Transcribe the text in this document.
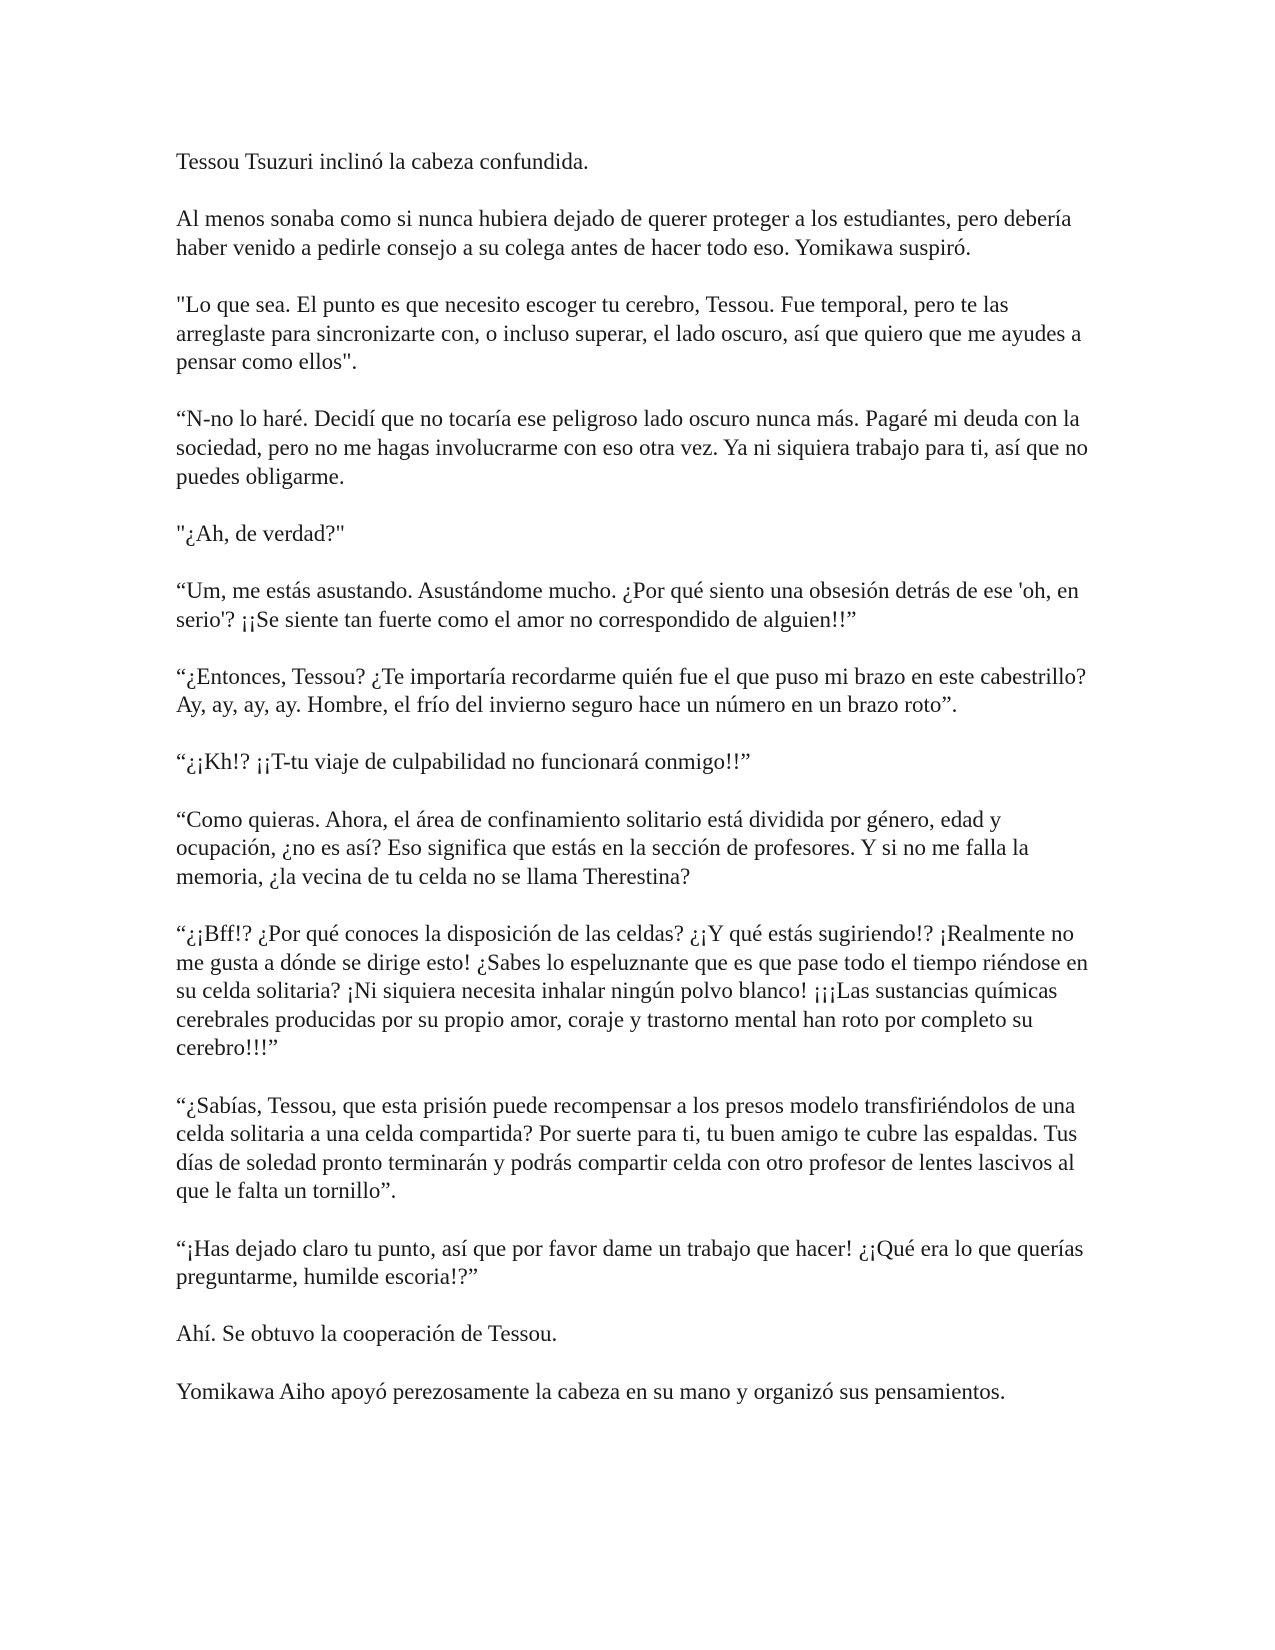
Tessou Tsuzuri inclinó la cabeza confundida.

Al menos sonaba como si nunca hubiera dejado de querer proteger a los estudiantes, pero debería haber venido a pedirle consejo a su colega antes de hacer todo eso. Yomikawa suspiró.

"Lo que sea. El punto es que necesito escoger tu cerebro, Tessou. Fue temporal, pero te las arreglaste para sincronizarte con, o incluso superar, el lado oscuro, así que quiero que me ayudes a pensar como ellos".

“N-no lo haré. Decidí que no tocaría ese peligroso lado oscuro nunca más. Pagaré mi deuda con la sociedad, pero no me hagas involucrarme con eso otra vez. Ya ni siquiera trabajo para ti, así que no puedes obligarme.

"¿Ah, de verdad?"

“Um, me estás asustando. Asustándome mucho. ¿Por qué siento una obsesión detrás de ese 'oh, en serio'? ¡¡Se siente tan fuerte como el amor no correspondido de alguien!!”

“¿Entonces, Tessou? ¿Te importaría recordarme quién fue el que puso mi brazo en este cabestrillo? Ay, ay, ay, ay. Hombre, el frío del invierno seguro hace un número en un brazo roto”.

“¿¡Kh!? ¡¡T-tu viaje de culpabilidad no funcionará conmigo!!”

“Como quieras. Ahora, el área de confinamiento solitario está dividida por género, edad y ocupación, ¿no es así? Eso significa que estás en la sección de profesores. Y si no me falla la memoria, ¿la vecina de tu celda no se llama Therestina?

“¿¡Bff!? ¿Por qué conoces la disposición de las celdas? ¿¡Y qué estás sugiriendo!? ¡Realmente no me gusta a dónde se dirige esto! ¿Sabes lo espeluznante que es que pase todo el tiempo riéndose en su celda solitaria? ¡Ni siquiera necesita inhalar ningún polvo blanco! ¡¡¡Las sustancias químicas cerebrales producidas por su propio amor, coraje y trastorno mental han roto por completo su cerebro!!!”

“¿Sabías, Tessou, que esta prisión puede recompensar a los presos modelo transfiriéndolos de una celda solitaria a una celda compartida? Por suerte para ti, tu buen amigo te cubre las espaldas. Tus días de soledad pronto terminarán y podrás compartir celda con otro profesor de lentes lascivos al que le falta un tornillo”.

“¡Has dejado claro tu punto, así que por favor dame un trabajo que hacer! ¿¡Qué era lo que querías preguntarme, humilde escoria!?”

Ahí. Se obtuvo la cooperación de Tessou.

Yomikawa Aiho apoyó perezosamente la cabeza en su mano y organizó sus pensamientos.
